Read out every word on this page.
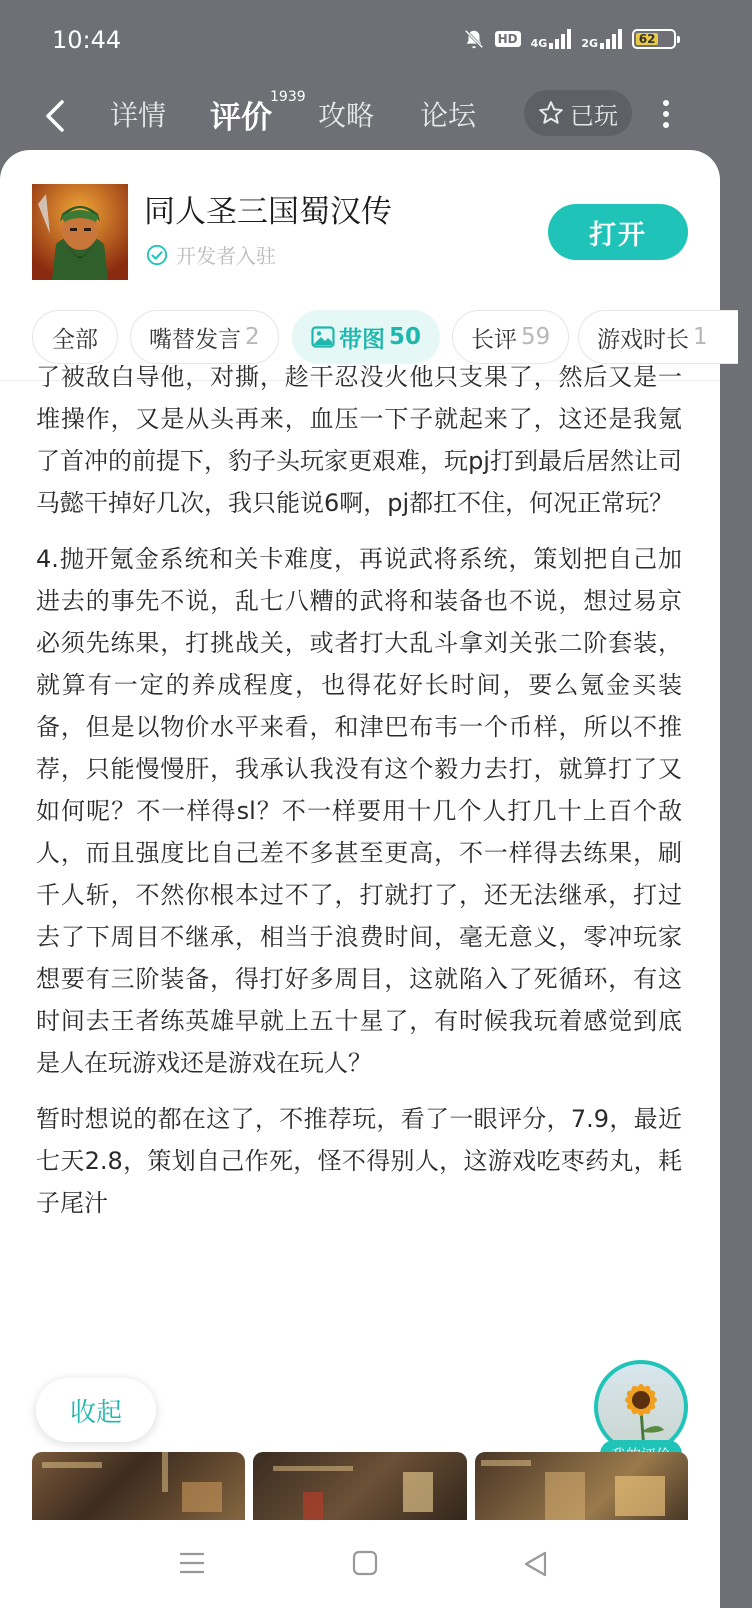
10:44	HD 4G	2G	62
详情 评价$^{1939}$
攻略 论坛	已玩
同人圣三国蜀汉传
开发者入驻
打开
全部 嘴替发言 2	带图 50 长评 59 游戏时长 1

了被敌白导他，对撕，趁干忍没火他只支果了，然后又是一堆操作，又是从头再来，血压一下子就起来了，这还是我氪了首冲的前提下，豹子头玩家更艰难，玩pj打到最后居然让司马懿干掉好几次，我只能说6啊，pj都扛不住，何况正常玩？

4.抛开氪金系统和关卡难度，再说武将系统，策划把自己加进去的事先不说，乱七八糟的武将和装备也不说，想过易京必须先练果，打挑战关，或者打大乱斗拿刘关张二阶套装，就算有一定的养成程度，也得花好长时间，要么氪金买装备，但是以物价水平来看，和津巴布韦一个币样，所以不推荐，只能慢慢肝，我承认我没有这个毅力去打，就算打了又如何呢？不一样得sl？不一样要用十几个人打几十上百个敌人，而且强度比自己差不多甚至更高，不一样得去练果，刷千人斩，不然你根本过不了，打就打了，还无法继承，打过去了下周目不继承，相当于浪费时间，毫无意义，零冲玩家想要有三阶装备，得打好多周目，这就陷入了死循环，有这时间去王者练英雄早就上五十星了，有时候我玩着感觉到底是人在玩游戏还是游戏在玩人？

暂时想说的都在这了，不推荐玩，看了一眼评分，7.9，最近七天2.8，策划自己作死，怪不得别人，这游戏吃枣药丸，耗子尾汁

收起
